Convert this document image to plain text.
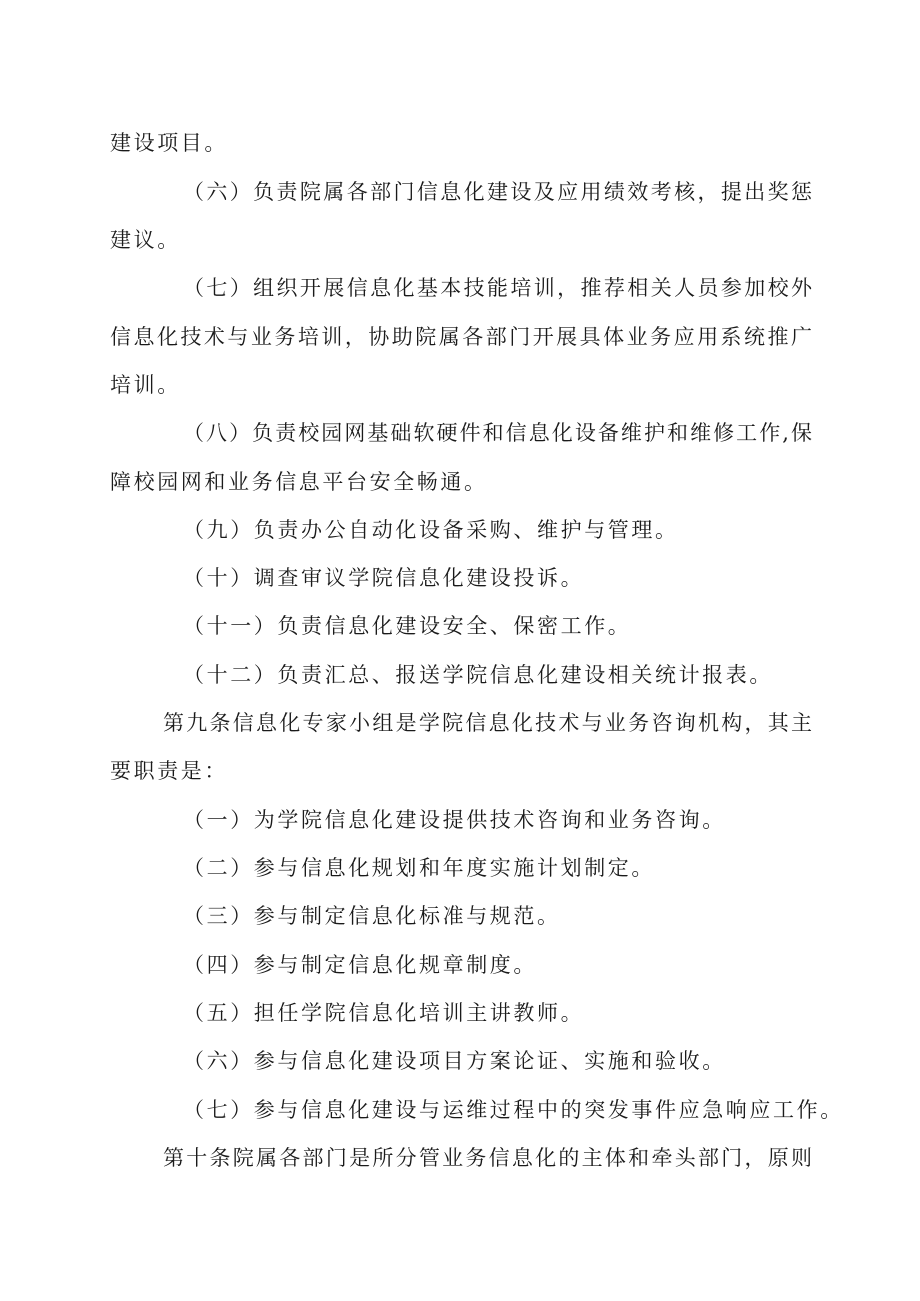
建设项目。
（六）负责院属各部门信息化建设及应用绩效考核，提出奖惩
建议。
（七）组织开展信息化基本技能培训，推荐相关人员参加校外
信息化技术与业务培训，协助院属各部门开展具体业务应用系统推广
培训。
（八）负责校园网基础软硬件和信息化设备维护和维修工作,保
障校园网和业务信息平台安全畅通。
（九）负责办公自动化设备采购、维护与管理。
（十）调查审议学院信息化建设投诉。
（十一）负责信息化建设安全、保密工作。
（十二）负责汇总、报送学院信息化建设相关统计报表。
第九条信息化专家小组是学院信息化技术与业务咨询机构，其主
要职责是：
（一）为学院信息化建设提供技术咨询和业务咨询。
（二）参与信息化规划和年度实施计划制定。
（三）参与制定信息化标准与规范。
（四）参与制定信息化规章制度。
（五）担任学院信息化培训主讲教师。
（六）参与信息化建设项目方案论证、实施和验收。
（七）参与信息化建设与运维过程中的突发事件应急响应工作。
第十条院属各部门是所分管业务信息化的主体和牵头部门，原则
